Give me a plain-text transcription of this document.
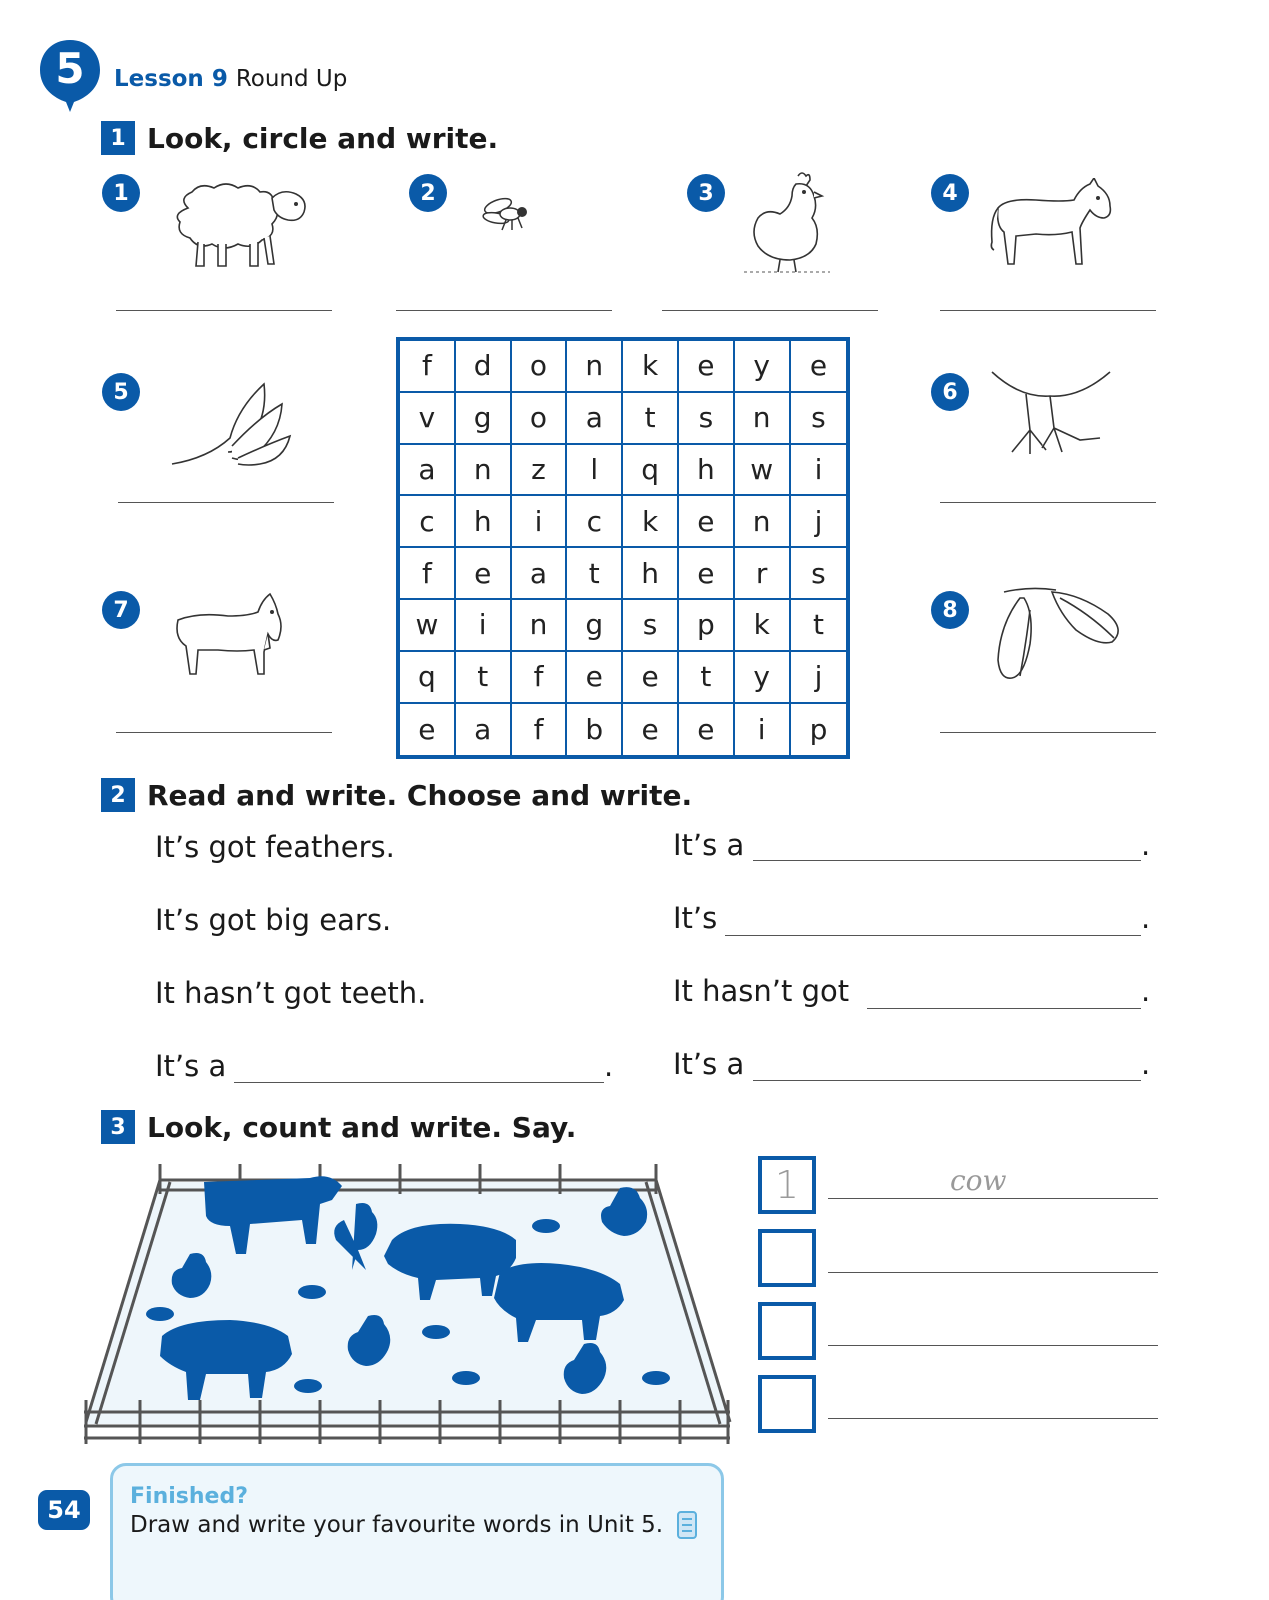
5	Lesson 9 Round Up
1 Look, circle and write.
1	2	3	4
5	6
7	8
f	d	o	n	k	e	y	e
v	g	o	a	t	s	n	s
a	n	z	l	q	h	w	i
c	h	i	c	k	e	n	j
f	e	a	t	h	e	r	s
w	i	n	g	s	p	k	t
q	t	f	e	e	t	y	j
e	a	f	b	e	e	i	p
2 Read and write. Choose and write.
It’s got feathers.
It’s got big ears.
It hasn’t got teeth.
It’s a	.
It’s a	.
It’s	.
It hasn’t got	.
It’s a	.
3 Look, count and write. Say.
1	cow
54	Finished?
Draw and write your favourite words in Unit 5.
